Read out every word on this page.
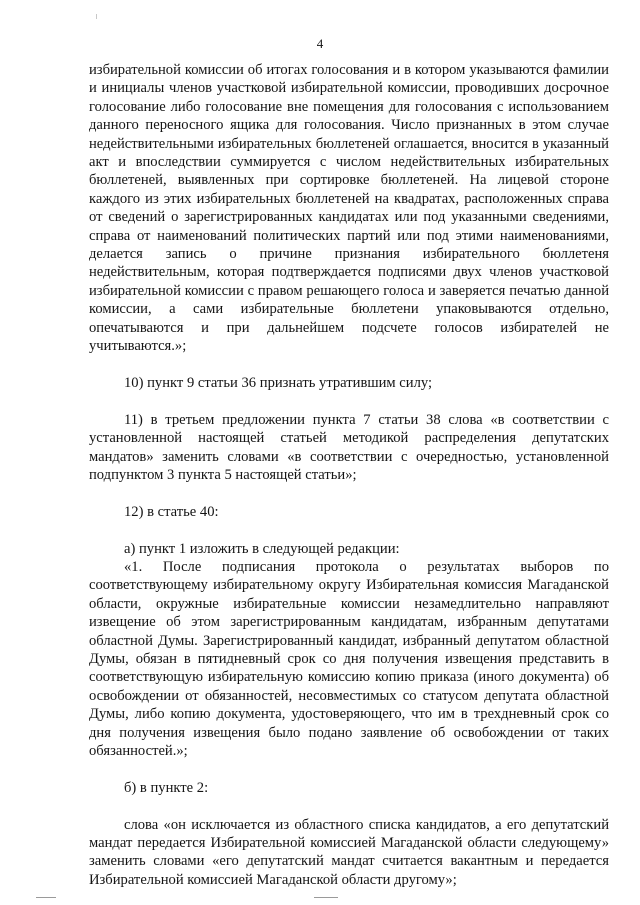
4

избирательной комиссии об итогах голосования и в котором указываются фамилии и инициалы членов участковой избирательной комиссии, проводивших досрочное голосование либо голосование вне помещения для голосования с использованием данного переносного ящика для голосования. Число признанных в этом случае недействительными избирательных бюллетеней оглашается, вносится в указанный акт и впоследствии суммируется с числом недействительных избирательных бюллетеней, выявленных при сортировке бюллетеней. На лицевой стороне каждого из этих избирательных бюллетеней на квадратах, расположенных справа от сведений о зарегистрированных кандидатах или под указанными сведениями, справа от наименований политических партий или под этими наименованиями, делается запись о причине признания избирательного бюллетеня недействительным, которая подтверждается подписями двух членов участковой избирательной комиссии с правом решающего голоса и заверяется печатью данной комиссии, а сами избирательные бюллетени упаковываются отдельно, опечатываются и при дальнейшем подсчете голосов избирателей не учитываются.»;

10) пункт 9 статьи 36 признать утратившим силу;

11) в третьем предложении пункта 7 статьи 38 слова «в соответствии с установленной настоящей статьей методикой распределения депутатских мандатов» заменить словами «в соответствии с очередностью, установленной подпунктом 3 пункта 5 настоящей статьи»;

12) в статье 40:

а) пункт 1 изложить в следующей редакции:

«1. После подписания протокола о результатах выборов по соответствующему избирательному округу Избирательная комиссия Магаданской области, окружные избирательные комиссии незамедлительно направляют извещение об этом зарегистрированным кандидатам, избранным депутатами областной Думы. Зарегистрированный кандидат, избранный депутатом областной Думы, обязан в пятидневный срок со дня получения извещения представить в соответствующую избирательную комиссию копию приказа (иного документа) об освобождении от обязанностей, несовместимых со статусом депутата областной Думы, либо копию документа, удостоверяющего, что им в трехдневный срок со дня получения извещения было подано заявление об освобождении от таких обязанностей.»;

б) в пункте 2:

слова «он исключается из областного списка кандидатов, а его депутатский мандат передается Избирательной комиссией Магаданской области следующему» заменить словами «его депутатский мандат считается вакантным и передается Избирательной комиссией Магаданской области другому»;
